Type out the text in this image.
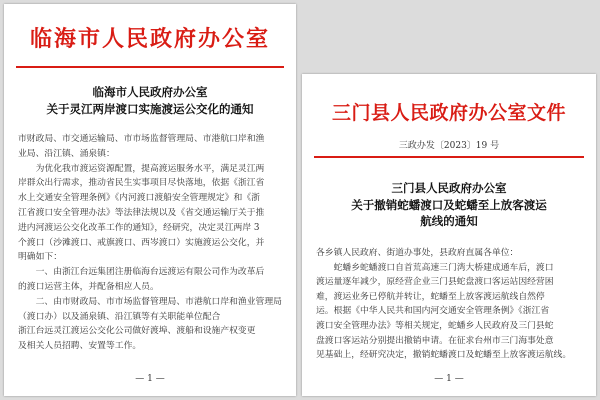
临海市人民政府办公室
临海市人民政府办公室
关于灵江两岸渡口实施渡运公交化的通知

市财政局、市交通运输局、市市场监督管理局、市港航口岸和渔

业局、沿江镇、涌泉镇：

为优化我市渡运资源配置，提高渡运服务水平，满足灵江两

岸群众出行需求，推动省民生实事项目尽快落地，依据《浙江省

水上交通安全管理条例》《内河渡口渡船安全管理规定》和《浙

江省渡口安全管理办法》等法律法规以及《省交通运输厅关于推

进内河渡运公交化改革工作的通知》，经研究，决定灵江两岸 3

个渡口（沙滩渡口、戒旗渡口、西岑渡口）实施渡运公交化，并

明确如下：

一、由浙江台远集团注册临海台远渡运有限公司作为改革后

的渡口运营主体，并配备相应人员。

二、由市财政局、市市场监督管理局、市港航口岸和渔业管理局

（渡口办）以及涌泉镇、沿江镇等有关职能单位配合

浙江台远灵江渡运公交化公司做好渡埠、渡船和设施产权变更

及相关人员招聘、安置等工作。

— 1 —
三门县人民政府办公室文件
三政办发〔2023〕19 号
三门县人民政府办公室
关于撤销蛇蟠渡口及蛇蟠至上放客渡运
航线的通知

各乡镇人民政府、街道办事处，县政府直属各单位：

蛇蟠乡蛇蟠渡口自首荒高速三门湾大桥建成通车后，渡口

渡运量逐年减少，原经营企业三门县蛇盘渡口客运站因经营困

难，渡运业务已停航并转让，蛇蟠至上放客渡运航线自然停

运。根据《中华人民共和国内河交通安全管理条例》《浙江省

渡口安全管理办法》等相关规定，蛇蟠乡人民政府及三门县蛇

盘渡口客运站分别提出撤销申请。在征求台州市三门海事处意

见基础上，经研究决定，撤销蛇蟠渡口及蛇蟠至上放客渡运航线。

— 1 —
